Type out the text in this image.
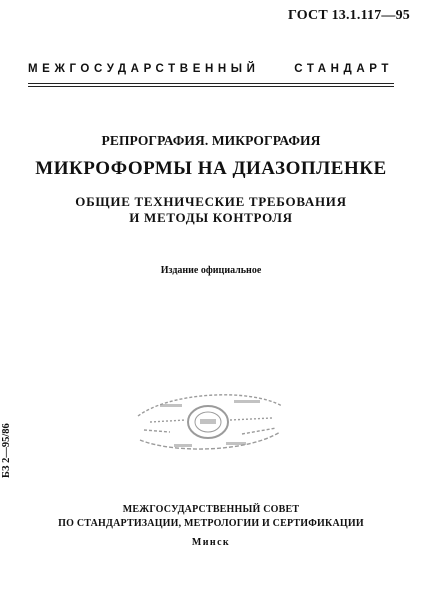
ГОСТ 13.1.117—95
МЕЖГОСУДАРСТВЕННЫЙ СТАНДАРТ
РЕПРОГРАФИЯ. МИКРОГРАФИЯ
МИКРОФОРМЫ НА ДИАЗОПЛЕНКЕ
ОБЩИЕ ТЕХНИЧЕСКИЕ ТРЕБОВАНИЯ
И МЕТОДЫ КОНТРОЛЯ
Издание официальное
БЗ 2—95/86
МЕЖГОСУДАРСТВЕННЫЙ СОВЕТ
ПО СТАНДАРТИЗАЦИИ, МЕТРОЛОГИИ И СЕРТИФИКАЦИИ
Минск
